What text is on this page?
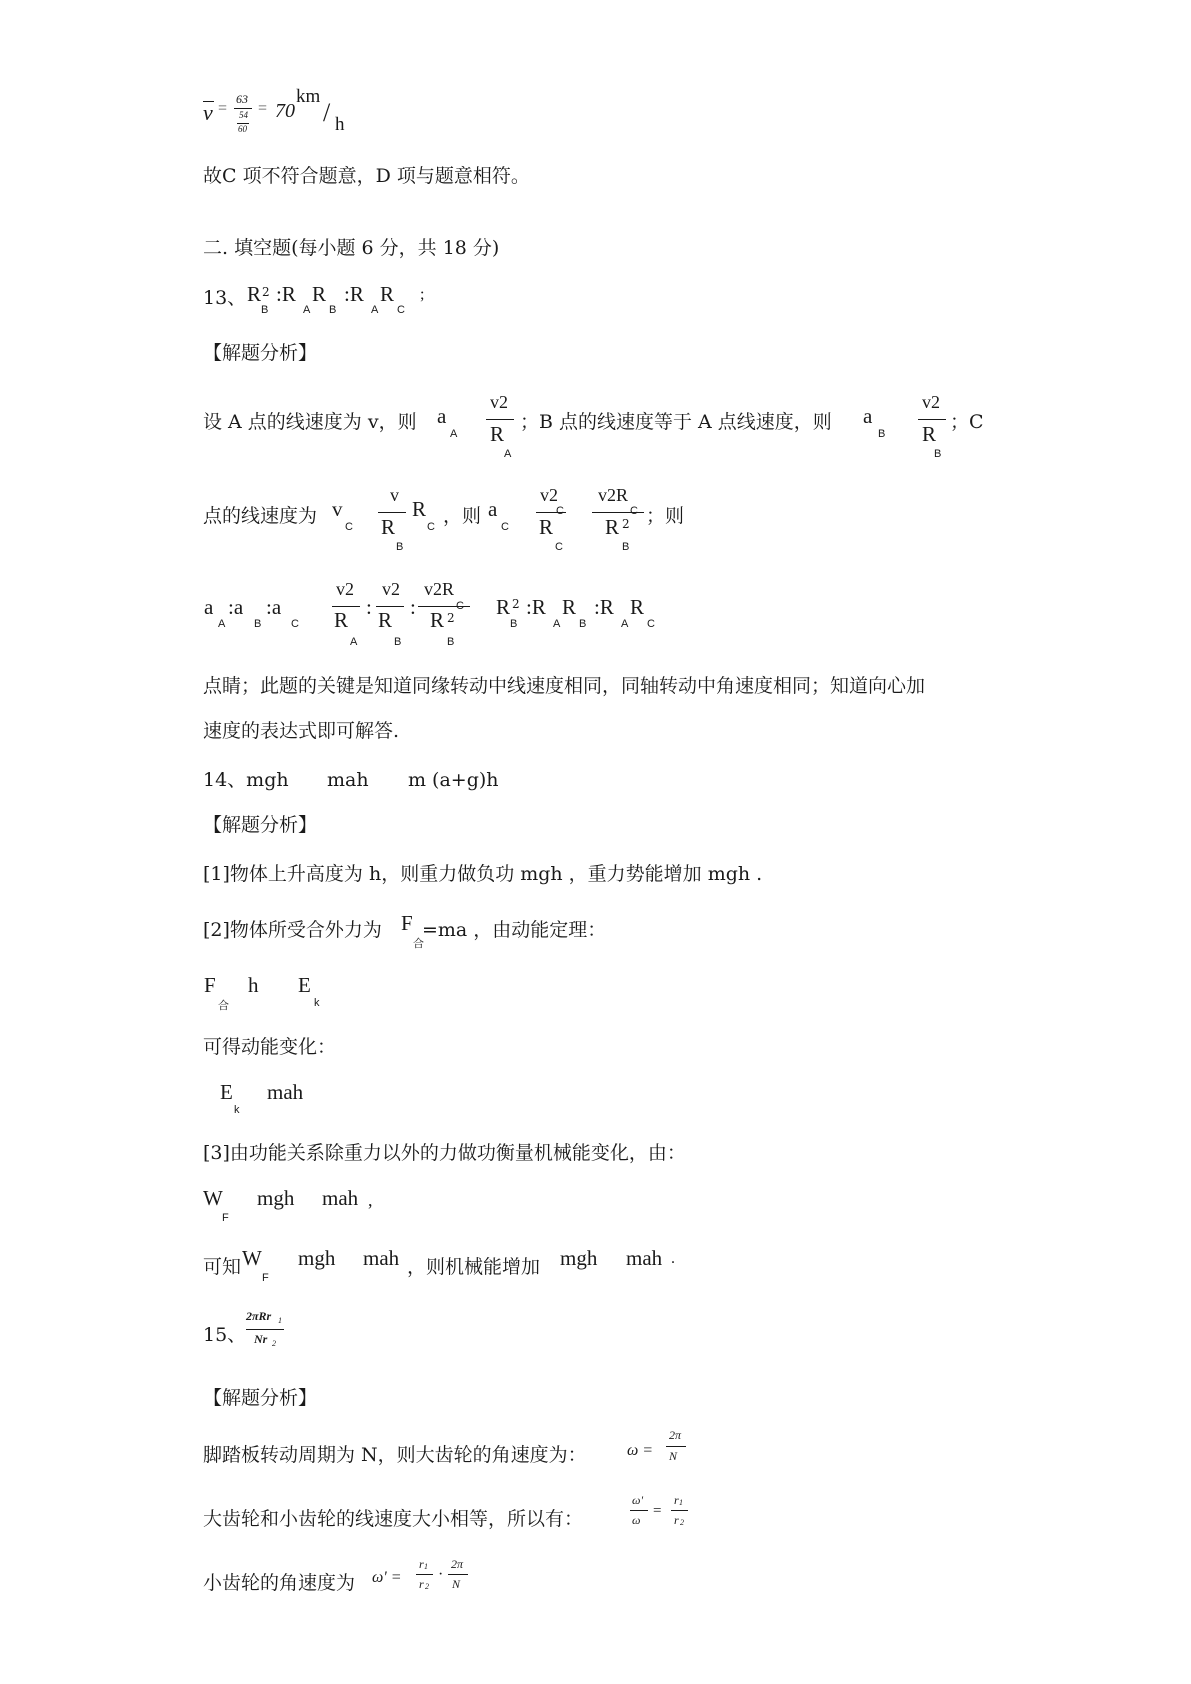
v =
63
54
60
= 70
km
/ h
故C 项不符合题意，D 项与题意相符。
二. 填空题(每小题 6 分，共 18 分)
13、 R 2
B
:R
A
R
B
:R
A
R
C
;
【解题分析】
设 A 点的线速度为 v，则 a
A
v2
R
A
；B 点的线速度等于 A 点线速度，则 a
B
v2
R
B
；C
点的线速度为 v
C
v
R
B
R
C ，则 a
C
v2
C
R
C
v2R
C
R 2
B
；则
a
A
:a
B
:a
C
v2
R
A
:
v2
R
B
:
v2R
C
R 2
B
R 2
B
:R
A
R
B
:R
A
R
C
点睛；此题的关键是知道同缘转动中线速度相同，同轴转动中角速度相同；知道向心加
速度的表达式即可解答.
14、mgh mah m (a+g)h
【解题分析】
[1]物体上升高度为 h，则重力做负功 mgh ，重力势能增加 mgh .
[2]物体所受合外力为 F
合
=ma ，由动能定理：
F
合
h E
k
可得动能变化：
E
k
mah
[3]由功能关系除重力以外的力做功衡量机械能变化，由：
W
F
mgh mah ,
可知 W
F
mgh mah ，则机械能增加 mgh mah .
15、
2πRr 1
Nr 2
【解题分析】
脚踏板转动周期为 N，则大齿轮的角速度为：	ω =
2π
N
大齿轮和小齿轮的线速度大小相等，所以有：
ω'
ω
=
r 1
r 2
小齿轮的角速度为 ω' =
r 1
r 2
·
2π
N
